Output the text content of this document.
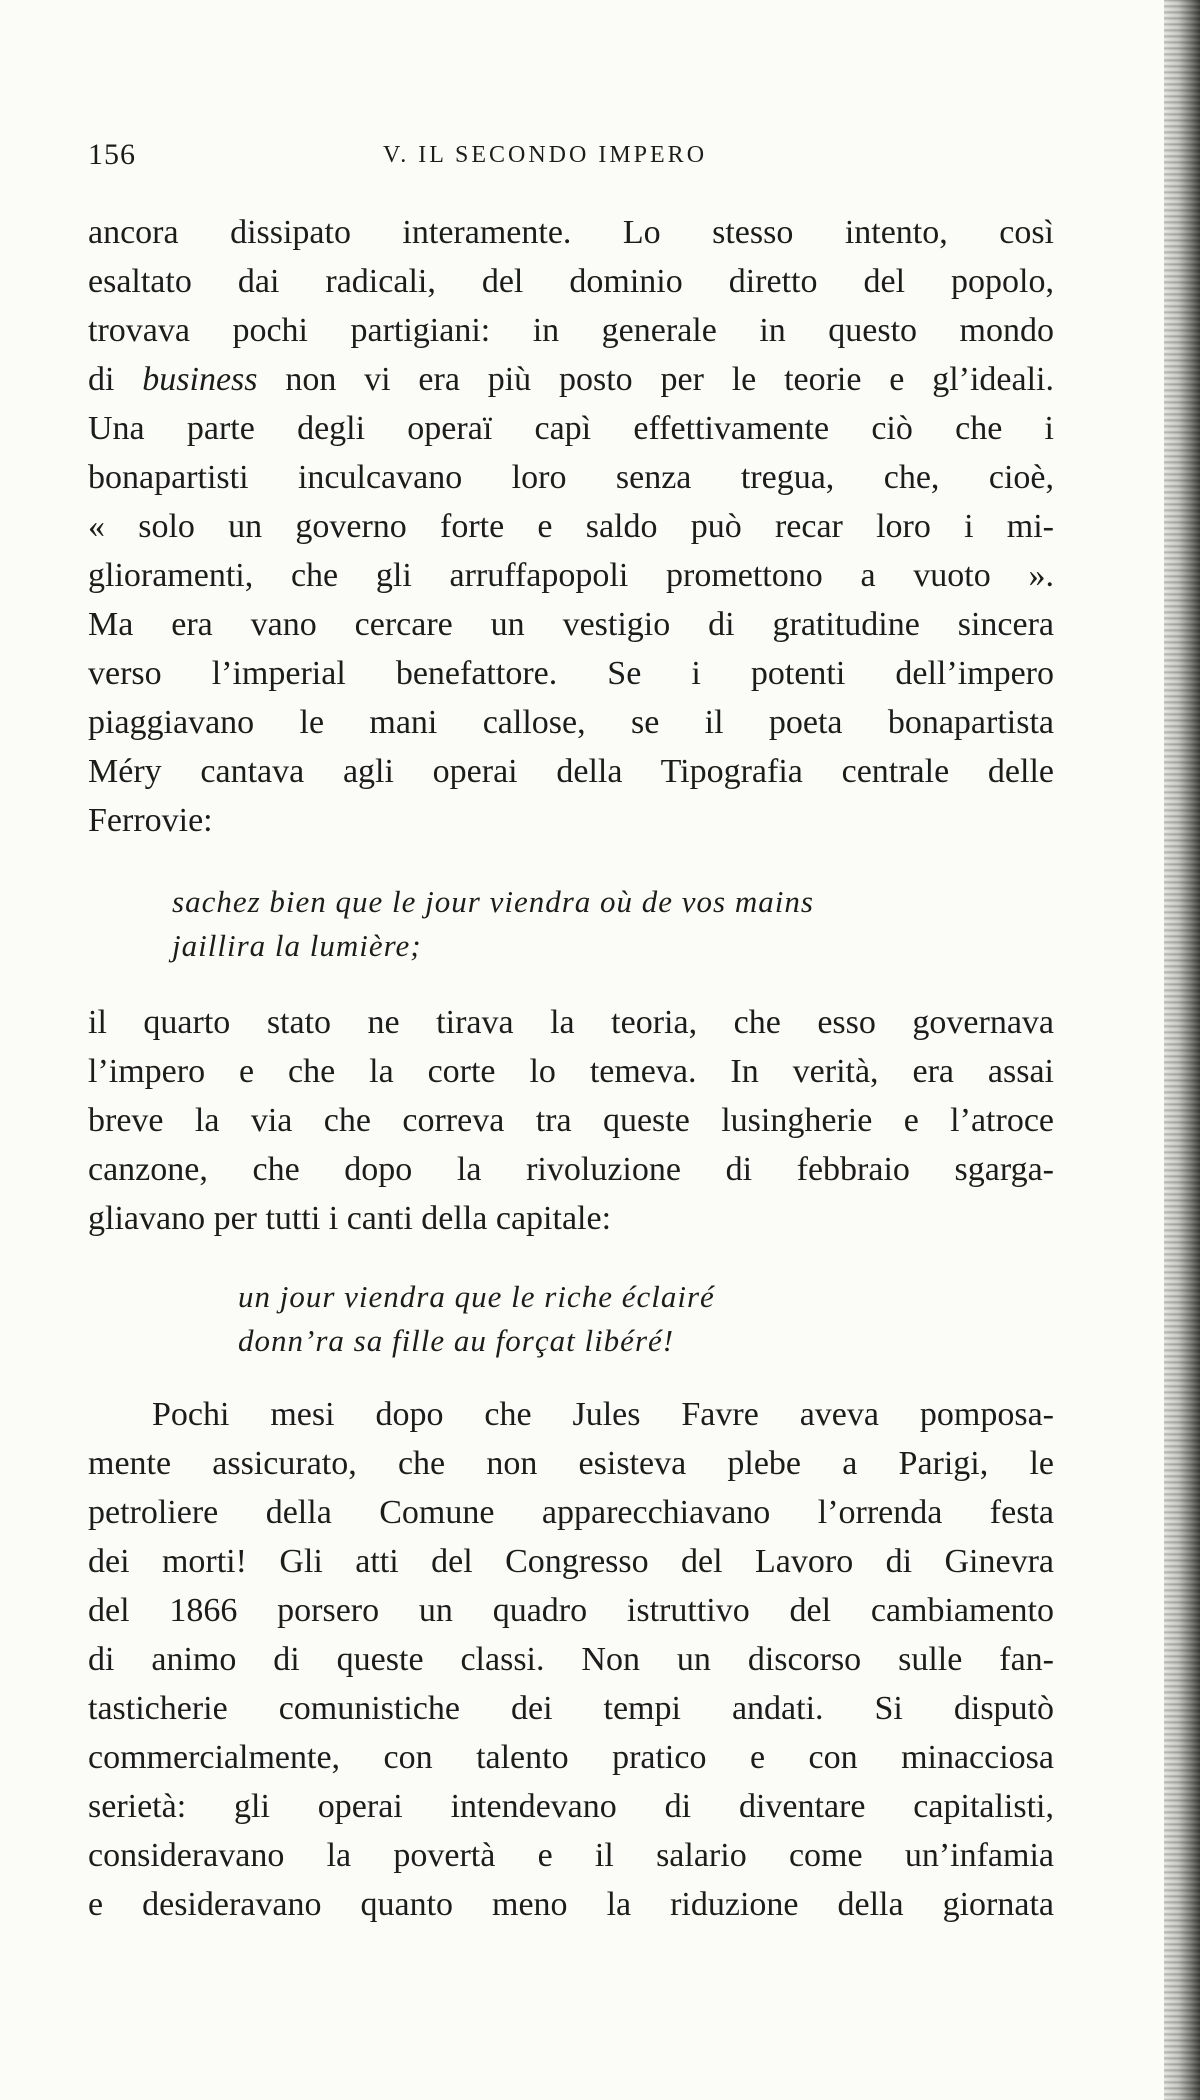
156	V. IL SECONDO IMPERO

ancora dissipato interamente. Lo stesso intento, così
esaltato dai radicali, del dominio diretto del popolo,
trovava pochi partigiani: in generale in questo mondo
di business non vi era più posto per le teorie e gl’ideali.
Una parte degli operaï capì effettivamente ciò che i
bonapartisti inculcavano loro senza tregua, che, cioè,
« solo un governo forte e saldo può recar loro i mi-
glioramenti, che gli arruffapopoli promettono a vuoto ».
Ma era vano cercare un vestigio di gratitudine sincera
verso l’imperial benefattore. Se i potenti dell’impero
piaggiavano le mani callose, se il poeta bonapartista
Méry cantava agli operai della Tipografia centrale delle
Ferrovie:

sachez bien que le jour viendra où de vos mains
jaillira la lumière;

il quarto stato ne tirava la teoria, che esso governava
l’impero e che la corte lo temeva. In verità, era assai
breve la via che correva tra queste lusingherie e l’atroce
canzone, che dopo la rivoluzione di febbraio sgarga-
gliavano per tutti i canti della capitale:

un jour viendra que le riche éclairé
donn’ra sa fille au forçat libéré!

Pochi mesi dopo che Jules Favre aveva pomposa-
mente assicurato, che non esisteva plebe a Parigi, le
petroliere della Comune apparecchiavano l’orrenda festa
dei morti! Gli atti del Congresso del Lavoro di Ginevra
del 1866 porsero un quadro istruttivo del cambiamento
di animo di queste classi. Non un discorso sulle fan-
tasticherie comunistiche dei tempi andati. Si disputò
commercialmente, con talento pratico e con minacciosa
serietà: gli operai intendevano di diventare capitalisti,
consideravano la povertà e il salario come un’infamia
e desideravano quanto meno la riduzione della giornata
